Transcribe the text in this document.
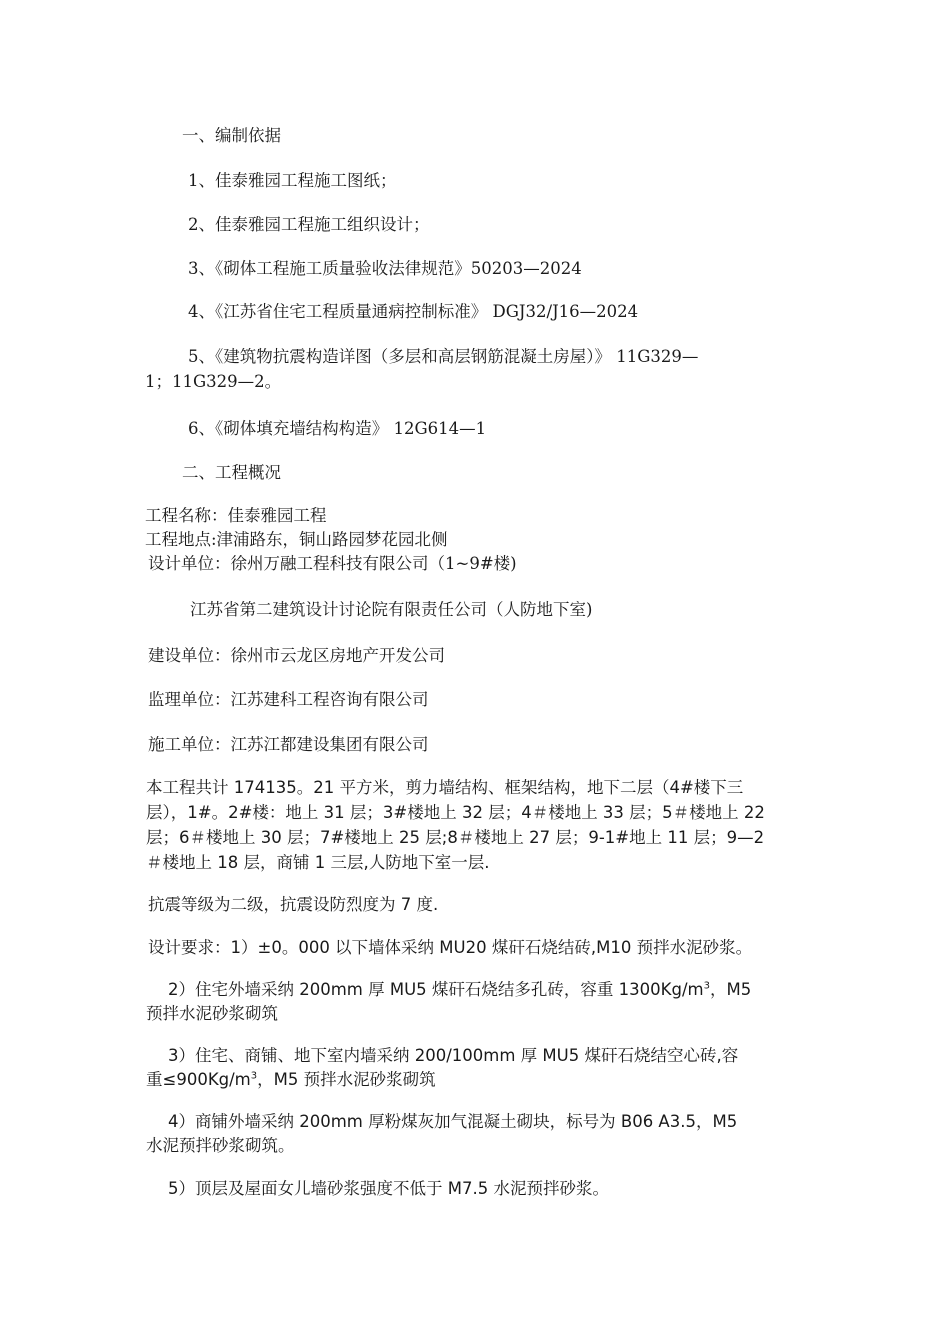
一、编制依据
1、佳泰雅园工程施工图纸；
2、佳泰雅园工程施工组织设计；
3、《砌体工程施工质量验收法律规范》50203—2024
4、《江苏省住宅工程质量通病控制标准》 DGJ32/J16—2024
5、《建筑物抗震构造详图（多层和高层钢筋混凝土房屋）》 11G329—
1；11G329—2。
6、《砌体填充墙结构构造》 12G614—1
二、工程概况
工程名称：佳泰雅园工程
工程地点:津浦路东，铜山路园梦花园北侧
设计单位：徐州万融工程科技有限公司（1~9#楼)
江苏省第二建筑设计讨论院有限责任公司（人防地下室)
建设单位：徐州市云龙区房地产开发公司
监理单位：江苏建科工程咨询有限公司
施工单位：江苏江都建设集团有限公司
本工程共计 174135。21 平方米，剪力墙结构、框架结构，地下二层（4#楼下三
层），1#。2#楼：地上 31 层；3#楼地上 32 层；4＃楼地上 33 层；5＃楼地上 22
层；6＃楼地上 30 层；7#楼地上 25 层;8＃楼地上 27 层；9-1#地上 11 层；9—2
＃楼地上 18 层，商铺 1 三层,人防地下室一层.
抗震等级为二级，抗震设防烈度为 7 度.
设计要求：1）±0。000 以下墙体采纳 MU20 煤矸石烧结砖,M10 预拌水泥砂浆。
2）住宅外墙采纳 200mm 厚 MU5 煤矸石烧结多孔砖，容重 $1300Kg/m^3$，M5
预拌水泥砂浆砌筑
3）住宅、商铺、地下室内墙采纳 200/100mm 厚 MU5 煤矸石烧结空心砖,容
重$\le 900Kg/m^3$，M5 预拌水泥砂浆砌筑
4）商铺外墙采纳 200mm 厚粉煤灰加气混凝土砌块，标号为 B06 A3.5，M5
水泥预拌砂浆砌筑。
5）顶层及屋面女儿墙砂浆强度不低于 M7.5 水泥预拌砂浆。
